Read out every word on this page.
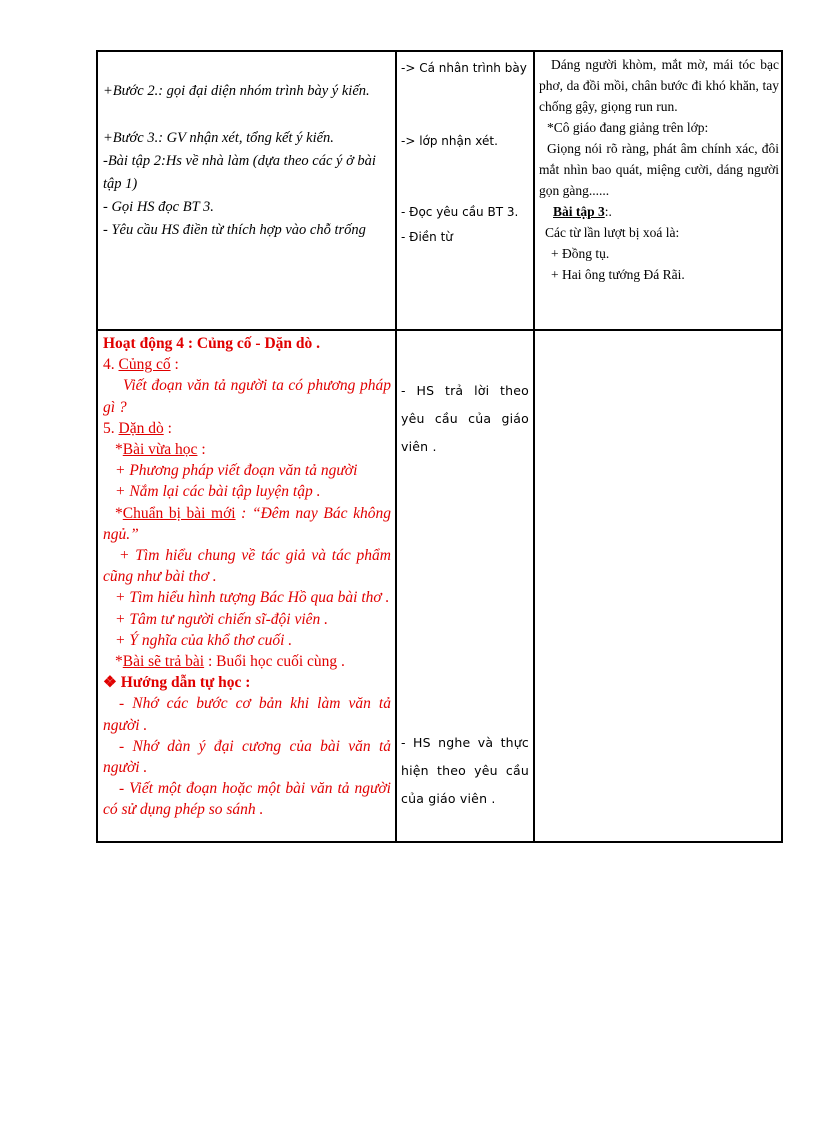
+Bước 2.: gọi đại diện nhóm trình bày ý kiến.

+Bước 3.: GV nhận xét, tổng kết ý kiến.

-Bài tập 2:Hs về nhà làm (dựa theo các ý ở bài tập 1)

- Gọi HS đọc BT 3.

- Yêu cầu HS điền từ thích hợp vào chỗ trống

-> Cá nhân trình bày

-> lớp nhận xét.

- Đọc yêu cầu BT 3.

- Điền từ

Dáng người khòm, mắt mờ, mái tóc bạc phơ, da đồi mồi, chân bước đi khó khăn, tay chống gậy, giọng run run.

*Cô giáo đang giảng trên lớp:

Giọng nói rõ ràng, phát âm chính xác, đôi mắt nhìn bao quát, miệng cười, dáng người gọn gàng......

Bài tập 3:.

Các từ lần lượt bị xoá là:

+ Đồng tụ.

+ Hai ông tướng Đá Rãi.

Hoạt động 4 : Củng cố - Dặn dò .

4. Củng cố :

Viết đoạn văn tả người ta có phương pháp gì ?

5. Dặn dò :

*Bài vừa học :

+ Phương pháp viết đoạn văn tả người

+ Nắm lại các bài tập luyện tập .

*Chuẩn bị bài mới : “Đêm nay Bác không ngủ.”

+ Tìm hiểu chung về tác giả và tác phẩm cũng như bài thơ .

+ Tìm hiểu hình tượng Bác Hồ qua bài thơ .

+ Tâm tư người chiến sĩ-đội viên .

+ Ý nghĩa của khổ thơ cuối .

*Bài sẽ trả bài : Buổi học cuối cùng .

❖ Hướng dẫn tự học :

- Nhớ các bước cơ bản khi làm văn tả người .

- Nhớ dàn ý đại cương của bài văn tả người .

- Viết một đoạn hoặc một bài văn tả người có sử dụng phép so sánh .

- HS trả lời theo yêu cầu của giáo viên .
- HS nghe và thực hiện theo yêu cầu của giáo viên .
